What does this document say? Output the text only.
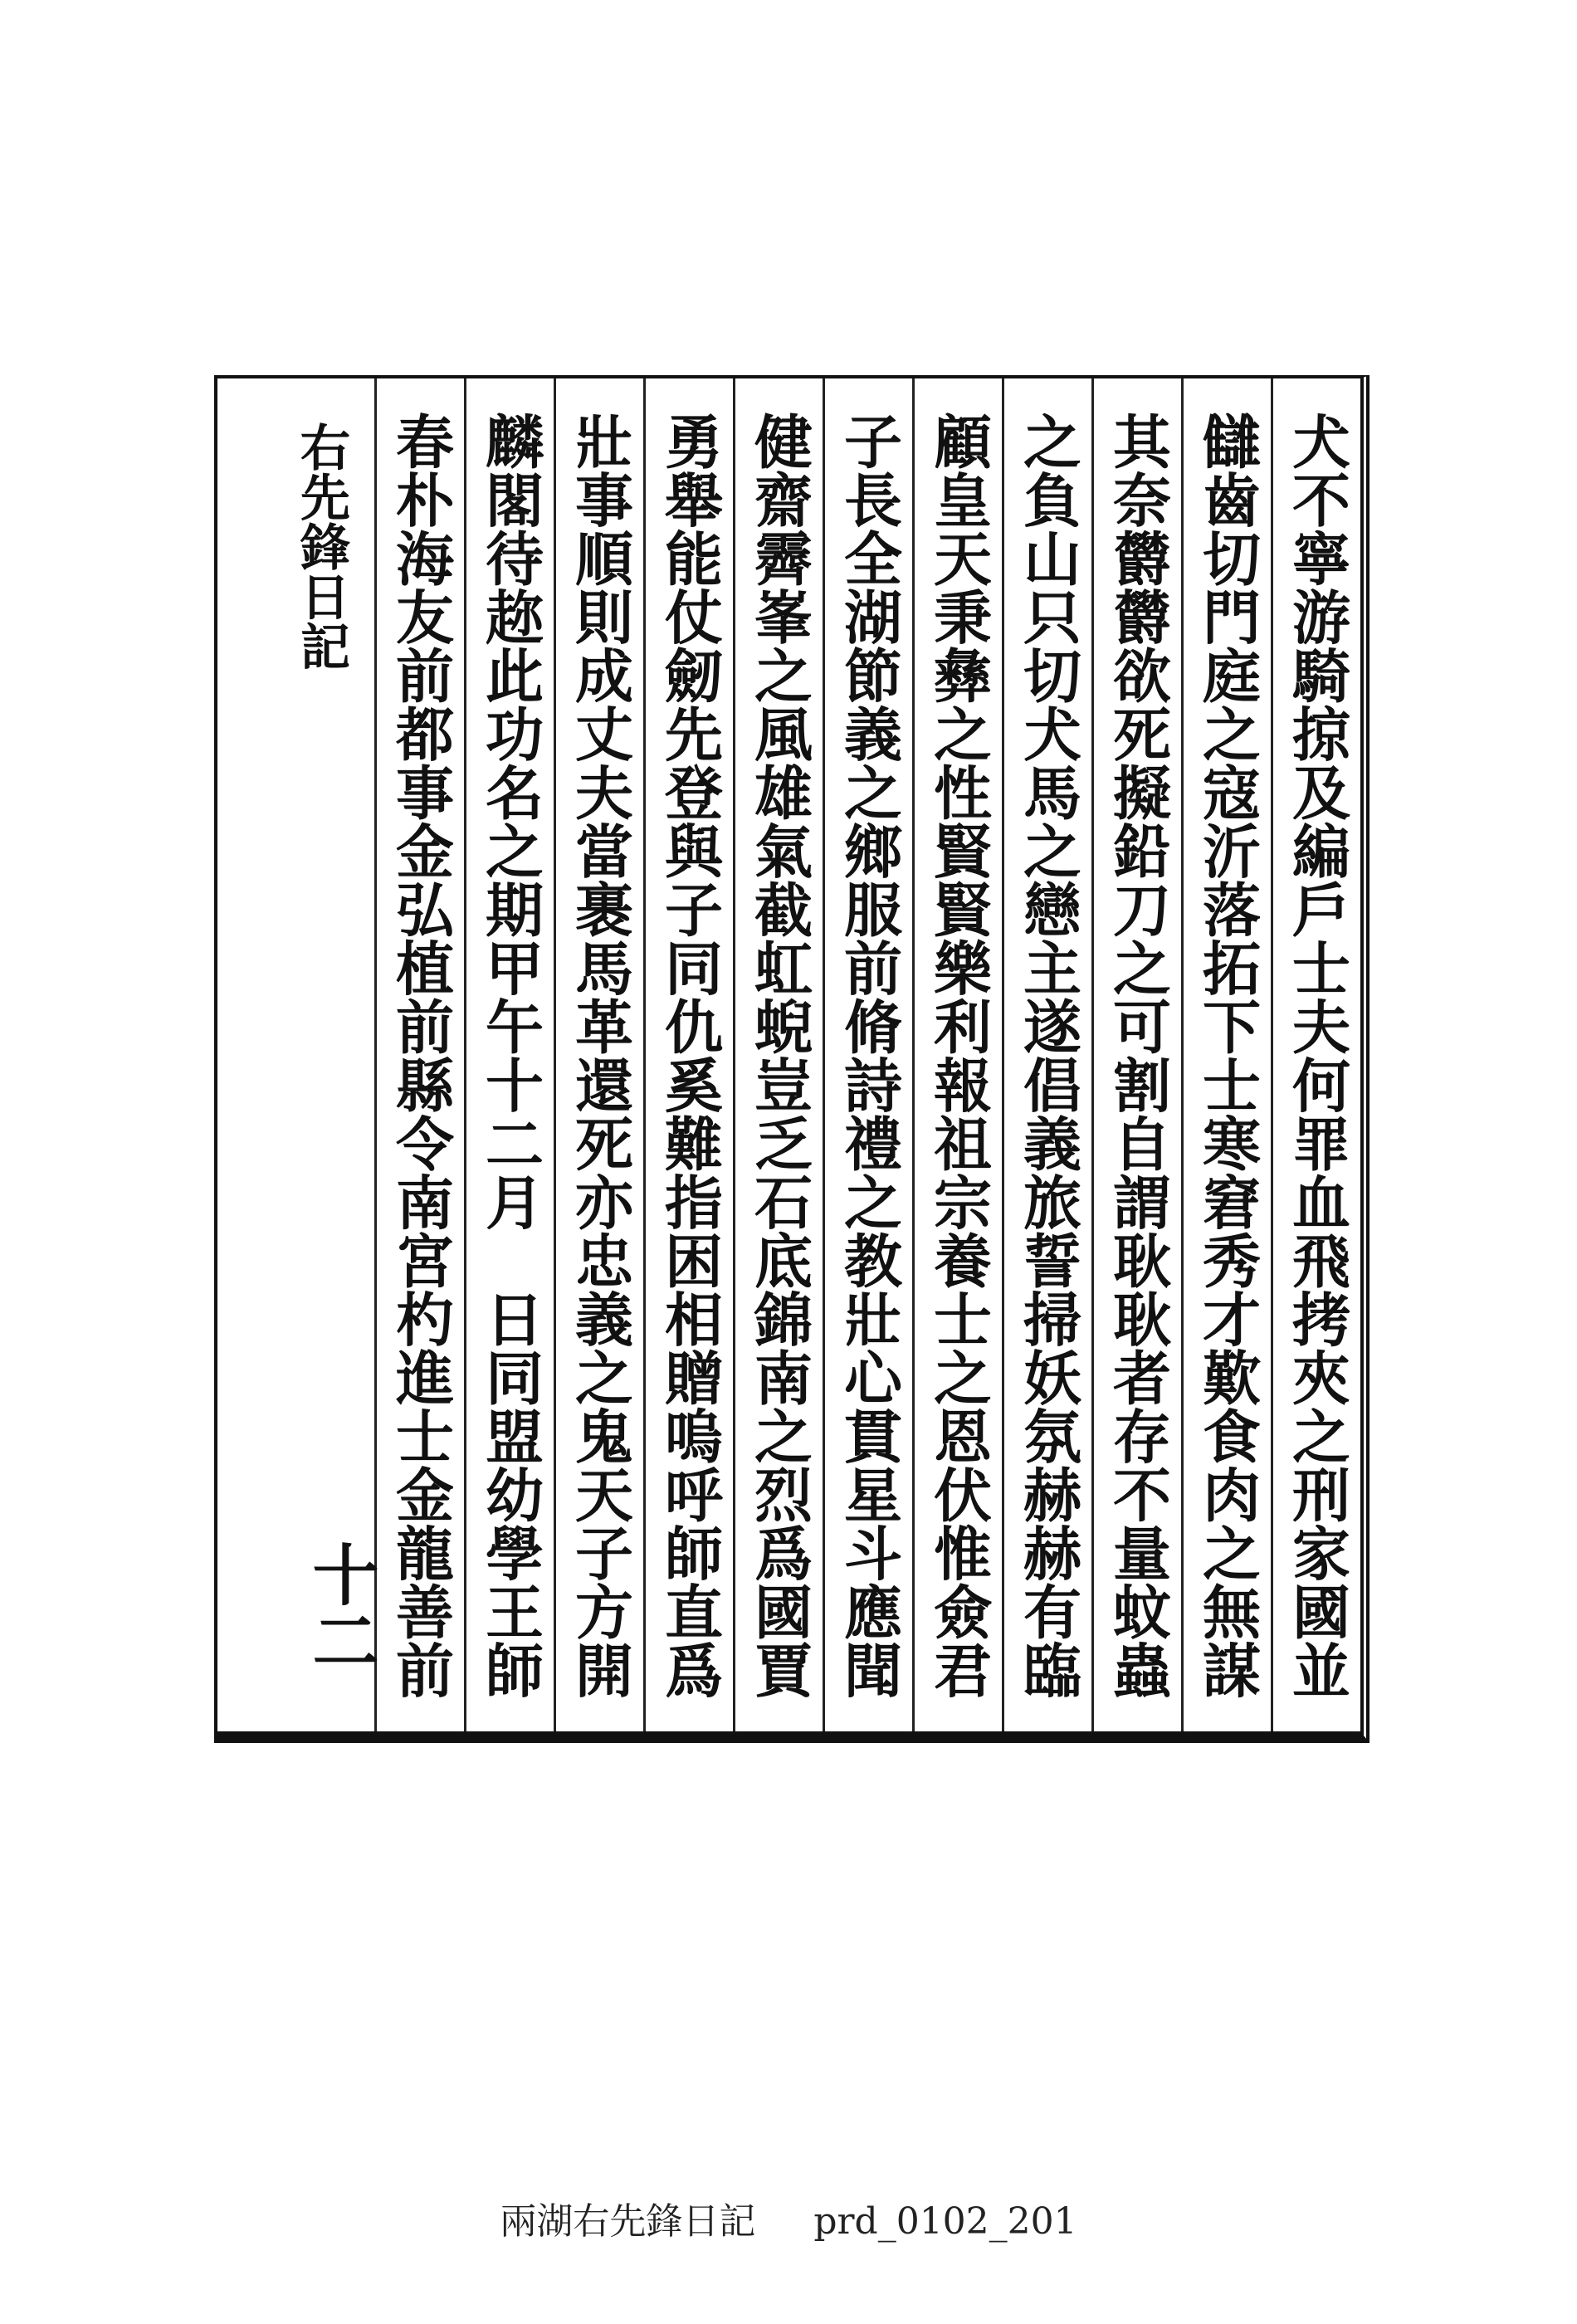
犬不寧游騎掠及編戶士夫何罪血飛拷夾之刑家國並
讎齒切門庭之寇沂落拓下士寒窘秀才歎食肉之無謀
其奈欝欝欲死擬鉛刀之可割自謂耿耿者存不量蚊蟲
之負山只切犬馬之戀主遂倡義旅誓掃妖氛赫赫有臨
顧皇天秉彝之性賢賢樂利報祖宗養士之恩伏惟僉君
子長全湖節義之鄉服前脩詩禮之教壯心貫星斗應聞
健齋霽峯之風雄氣截虹蜺豈乏石底錦南之烈爲國賈
勇舉能仗劒先登與子同仇奚難指困相贈嗚呼師直爲
壯事順則成丈夫當裹馬革還死亦忠義之鬼天子方開
麟閣待趂此功名之期甲午十二月　日同盟幼學王師
春朴海友前都事金弘植前縣令南宮杓進士金龍善前
右先鋒日記
十二
兩湖右先鋒日記 prd_0102_201
